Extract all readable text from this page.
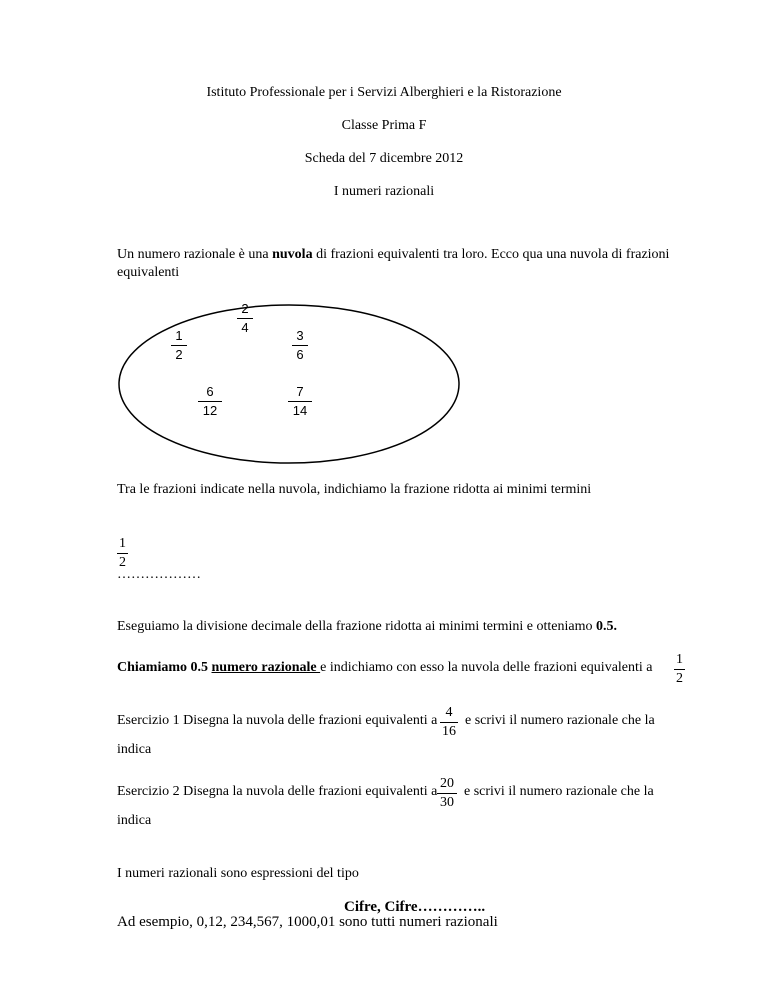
Istituto Professionale per i Servizi Alberghieri e la Ristorazione
Classe Prima F
Scheda del 7 dicembre 2012
I numeri razionali
Un numero razionale è una nuvola di frazioni equivalenti tra loro. Ecco qua una nuvola di frazioni equivalenti
1
2
2
4
3
6
6
12
7
14
Tra le frazioni indicate nella nuvola, indichiamo la frazione ridotta ai minimi termini
1
2
………………
Eseguiamo la divisione decimale della frazione ridotta ai minimi termini e otteniamo 0.5.
Chiamiamo 0.5 numero razionale e indichiamo con esso la nuvola delle frazioni equivalenti a
1
2
Esercizio 1 Disegna la nuvola delle frazioni equivalenti a
4
16
e scrivi il numero razionale che la
indica
Esercizio 2 Disegna la nuvola delle frazioni equivalenti a
20
30
e scrivi il numero razionale che la
indica
I numeri razionali sono espressioni del tipo
Cifre, Cifre…………..
Ad esempio, 0,12, 234,567, 1000,01 sono tutti numeri razionali
